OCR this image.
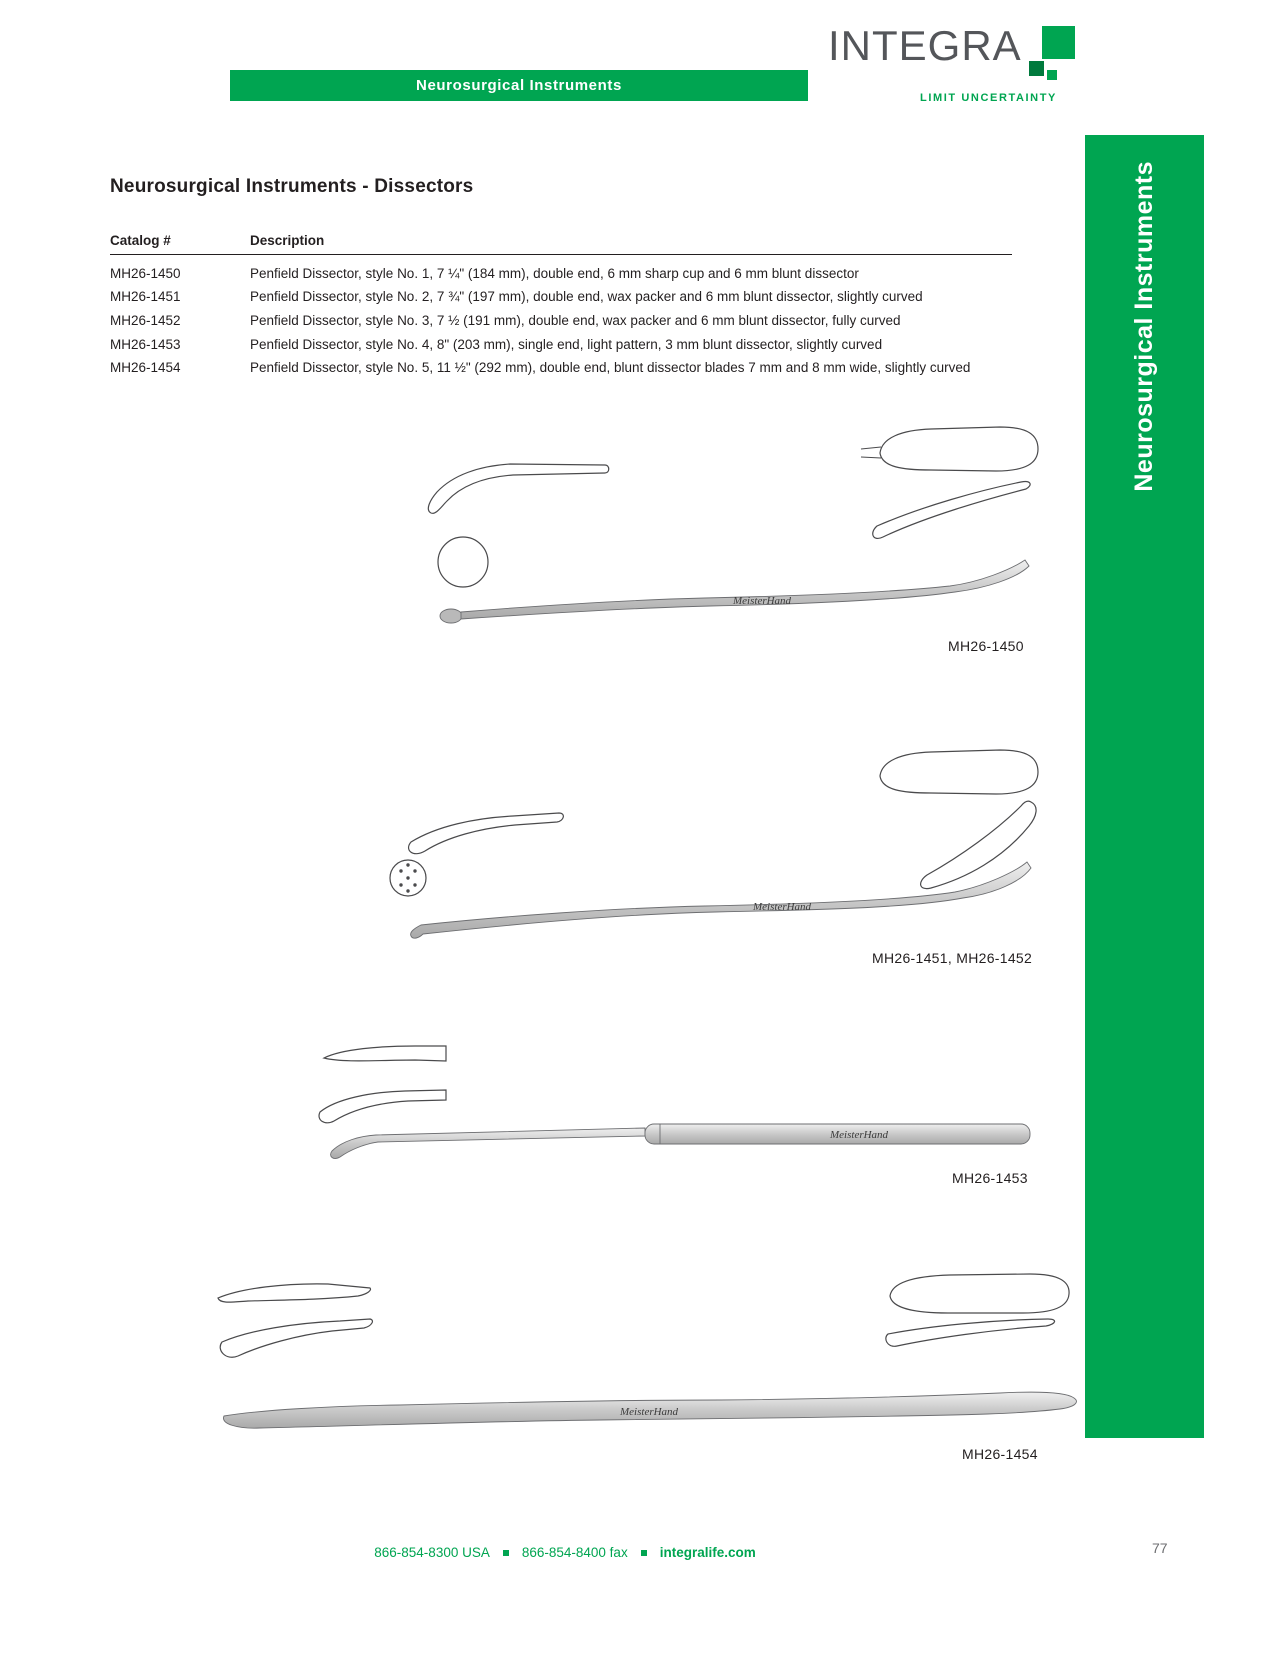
Neurosurgical Instruments
INTEGRA
LIMIT UNCERTAINTY
Neurosurgical Instruments
Neurosurgical Instruments - Dissectors
Catalog #	Description
MH26-1450	Penfield Dissector, style No. 1, 7 ¼" (184 mm), double end, 6 mm sharp cup and 6 mm blunt dissector
MH26-1451	Penfield Dissector, style No. 2, 7 ¾" (197 mm), double end, wax packer and 6 mm blunt dissector, slightly curved
MH26-1452	Penfield Dissector, style No. 3, 7 ½ (191 mm), double end, wax packer and 6 mm blunt dissector, fully curved
MH26-1453	Penfield Dissector, style No. 4, 8" (203 mm), single end, light pattern, 3 mm blunt dissector, slightly curved
MH26-1454	Penfield Dissector, style No. 5, 11 ½" (292 mm), double end, blunt dissector blades 7 mm and 8 mm wide, slightly curved
MeisterHand
MH26-1450
MeisterHand
MH26-1451, MH26-1452
MeisterHand
MH26-1453
MeisterHand
MH26-1454
866-854-8300 USA 866-854-8400 fax integralife.com	77
